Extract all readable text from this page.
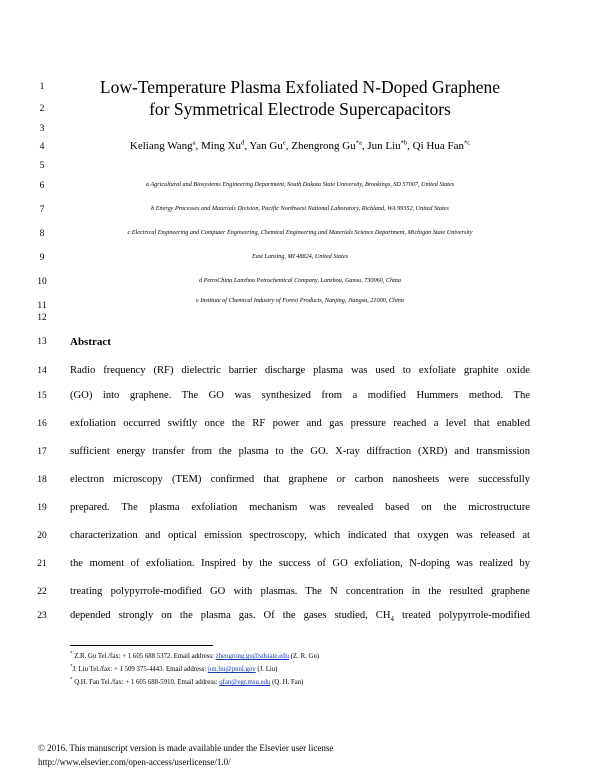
1
2
3
4
5
6
7
8
9
10
11
12
13
14
15
16
17
18
19
20
21
22
23
Low-Temperature Plasma Exfoliated N-Doped Graphene
for Symmetrical Electrode Supercapacitors
Keliang Wang$^a$, Ming Xu$^d$, Yan Gu$^e$, Zhengrong Gu$^{*a}$, Jun Liu$^{*b}$, Qi Hua Fan$^{*c}$
a Agricultural and Biosystems Engineering Department, South Dakota State University, Brookings, SD 57007, United States
b Energy Processes and Materials Division, Pacific Northwest National Laboratory, Richland, WA 99352, United States
c Electrical Engineering and Computer Engineering, Chemical Engineering and Materials Science Department, Michigan State University
East Lansing, MI 48824, United States
d PetroChina Lanzhou Petrochemical Company, Lanzhou, Gansu, 730060, China
e Institute of Chemical Industry of Forest Products, Nanjing, Jiangsu, 21000, China
Abstract
Radio frequency (RF) dielectric barrier discharge plasma was used to exfoliate graphite oxide
(GO) into graphene. The GO was synthesized from a modified Hummers method. The
exfoliation occurred swiftly once the RF power and gas pressure reached a level that enabled
sufficient energy transfer from the plasma to the GO. X-ray diffraction (XRD) and transmission
electron microscopy (TEM) confirmed that graphene or carbon nanosheets were successfully
prepared. The plasma exfoliation mechanism was revealed based on the microstructure
characterization and optical emission spectroscopy, which indicated that oxygen was released at
the moment of exfoliation. Inspired by the success of GO exfoliation, N-doping was realized by
treating polypyrrole-modified GO with plasmas. The N concentration in the resulted graphene
depended strongly on the plasma gas. Of the gases studied, $CH_4$ treated polypyrrole-modified
* Z.R. Gu Tel./fax: + 1 605 688 5372. Email address: zhengrong.gu@sdstate.edu (Z. R. Gu)
*J. Liu Tel./fax: + 1 509 375-4443. Email address: jun.liu@pnnl.gov (J. Liu)
* Q.H. Fan Tel./fax: + 1 605 688-5910. Email address: qfan@egr.msu.edu (Q. H. Fan)
© 2016. This manuscript version is made available under the Elsevier user license
http://www.elsevier.com/open-access/userlicense/1.0/
